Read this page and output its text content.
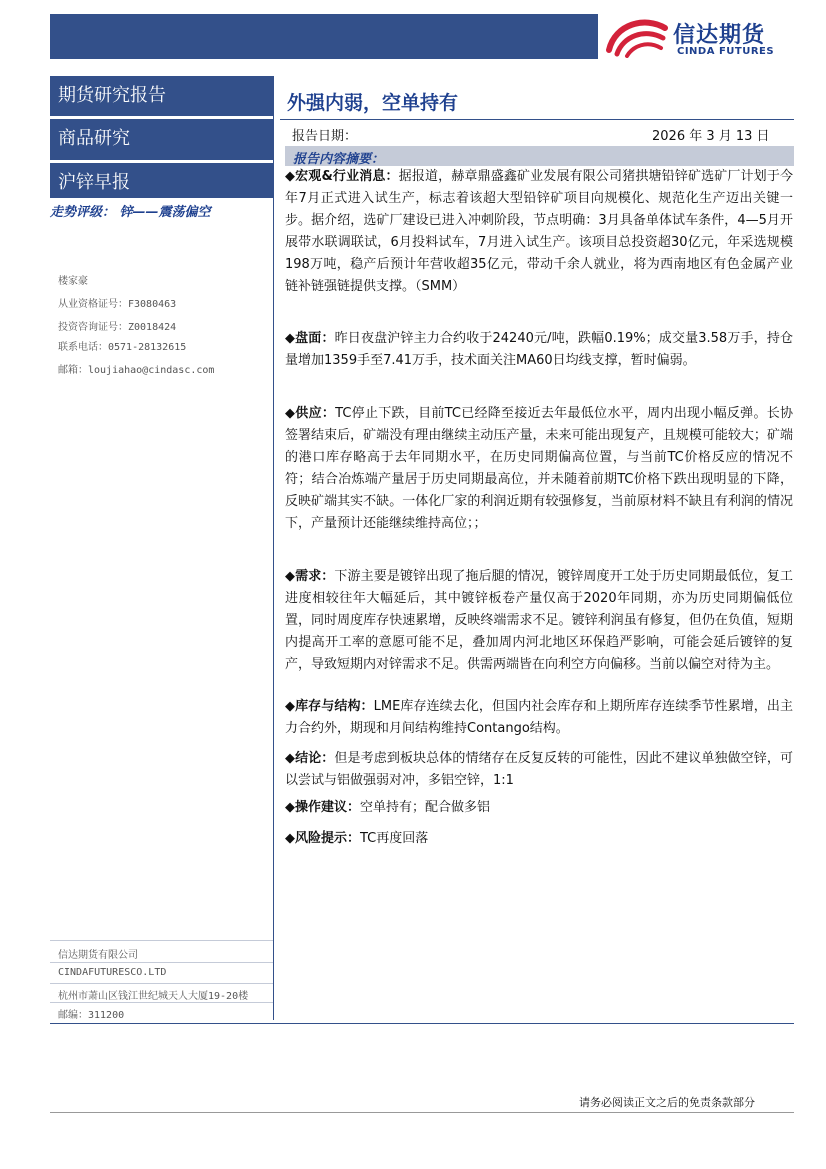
信达期货
CINDA FUTURES
期货研究报告
商品研究
沪锌早报
走势评级： 锌——震荡偏空
楼家豪
从业资格证号：F3080463
投资咨询证号：Z0018424
联系电话：0571-28132615
邮箱：loujiahao@cindasc.com
信达期货有限公司
CINDAFUTURESCO.LTD
杭州市萧山区钱江世纪城天人大厦19-20楼
邮编：311200
外强内弱，空单持有
报告日期：	2026 年 3 月 13 日
报告内容摘要：
◆宏观&行业消息：据报道，赫章鼎盛鑫矿业发展有限公司猪拱塘铅锌矿选矿厂计划于今年7月正式进入试生产，标志着该超大型铅锌矿项目向规模化、规范化生产迈出关键一步。据介绍，选矿厂建设已进入冲刺阶段，节点明确：3月具备单体试车条件，4—5月开展带水联调联试，6月投料试车，7月进入试生产。该项目总投资超30亿元，年采选规模198万吨，稳产后预计年营收超35亿元，带动千余人就业，将为西南地区有色金属产业链补链强链提供支撑。（SMM）
◆盘面：昨日夜盘沪锌主力合约收于24240元/吨，跌幅0.19%；成交量3.58万手，持仓量增加1359手至7.41万手，技术面关注MA60日均线支撑，暂时偏弱。
◆供应：TC停止下跌，目前TC已经降至接近去年最低位水平，周内出现小幅反弹。长协签署结束后，矿端没有理由继续主动压产量，未来可能出现复产，且规模可能较大；矿端的港口库存略高于去年同期水平，在历史同期偏高位置，与当前TC价格反应的情况不符；结合冶炼端产量居于历史同期最高位，并未随着前期TC价格下跌出现明显的下降，反映矿端其实不缺。一体化厂家的利润近期有较强修复，当前原材料不缺且有利润的情况下，产量预计还能继续维持高位；；
◆需求：下游主要是镀锌出现了拖后腿的情况，镀锌周度开工处于历史同期最低位，复工进度相较往年大幅延后，其中镀锌板卷产量仅高于2020年同期，亦为历史同期偏低位置，同时周度库存快速累增，反映终端需求不足。镀锌利润虽有修复，但仍在负值，短期内提高开工率的意愿可能不足，叠加周内河北地区环保趋严影响，可能会延后镀锌的复产，导致短期内对锌需求不足。供需两端皆在向利空方向偏移。当前以偏空对待为主。
◆库存与结构：LME库存连续去化，但国内社会库存和上期所库存连续季节性累增，出主力合约外，期现和月间结构维持Contango结构。
◆结论：但是考虑到板块总体的情绪存在反复反转的可能性，因此不建议单独做空锌，可以尝试与铝做强弱对冲，多铝空锌，1:1
◆操作建议：空单持有；配合做多铝
◆风险提示：TC再度回落
请务必阅读正文之后的免责条款部分
